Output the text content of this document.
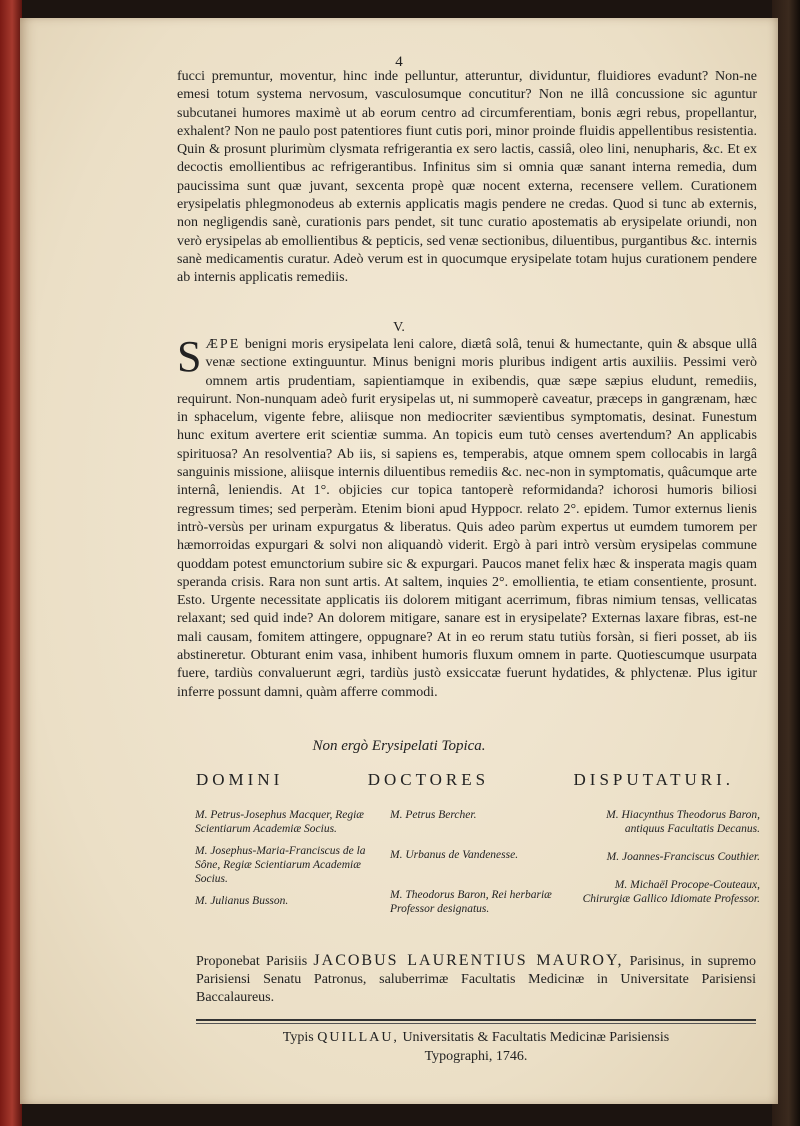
4

fucci premuntur, moventur, hinc inde pelluntur, atteruntur, dividuntur, fluidiores evadunt? Non-ne emesi totum systema nervosum, vasculosumque concutitur? Non ne illâ concussione sic aguntur subcutanei humores maximè ut ab eorum centro ad circumferentiam, bonis ægri rebus, propellantur, exhalent? Non ne paulo post patentiores fiunt cutis pori, minor proinde fluidis appellentibus resistentia. Quin & prosunt plurimùm clysmata refrigerantia ex sero lactis, cassiâ, oleo lini, nenupharis, &c. Et ex decoctis emollientibus ac refrigerantibus. Infinitus sim si omnia quæ sanant interna remedia, dum paucissima sunt quæ juvant, sexcenta propè quæ nocent externa, recensere vellem. Curationem erysipelatis phlegmonodeus ab externis applicatis magis pendere ne credas. Quod si tunc ab externis, non negligendis sanè, curationis pars pendet, sit tunc curatio apostematis ab erysipelate oriundi, non verò erysipelas ab emollientibus & pepticis, sed venæ sectionibus, diluentibus, purgantibus &c. internis sanè medicamentis curatur. Adeò verum est in quocumque erysipelate totam hujus curationem pendere ab internis applicatis remediis.

V.

SÆPE benigni moris erysipelata leni calore, diætâ solâ, tenui & humectante, quin & absque ullâ venæ sectione extinguuntur. Minus benigni moris pluribus indigent artis auxiliis. Pessimi verò omnem artis prudentiam, sapientiamque in exibendis, quæ sæpe sæpius eludunt, remediis, requirunt. Non-nunquam adeò furit erysipelas ut, ni summoperè caveatur, præceps in gangrænam, hæc in sphacelum, vigente febre, aliisque non mediocriter sævientibus symptomatis, desinat. Funestum hunc exitum avertere erit scientiæ summa. An topicis eum tutò censes avertendum? An applicabis spirituosa? An resolventia? Ab iis, si sapiens es, temperabis, atque omnem spem collocabis in largâ sanguinis missione, aliisque internis diluentibus remediis &c. nec-non in symptomatis, quâcumque arte internâ, leniendis. At 1°. objicies cur topica tantoperè reformidanda? ichorosi humoris biliosi regressum times; sed perperàm. Etenim bioni apud Hyppocr. relato 2°. epidem. Tumor externus lienis intrò-versùs per urinam expurgatus & liberatus. Quis adeo parùm expertus ut eumdem tumorem per hæmorroidas expurgari & solvi non aliquandò viderit. Ergò à pari intrò versùm erysipelas commune quoddam potest emunctorium subire sic & expurgari. Paucos manet felix hæc & insperata magis quam speranda crisis. Rara non sunt artis. At saltem, inquies 2°. emollientia, te etiam consentiente, prosunt. Esto. Urgente necessitate applicatis iis dolorem mitigant acerrimum, fibras nimium tensas, vellicatas relaxant; sed quid inde? An dolorem mitigare, sanare est in erysipelate? Externas laxare fibras, est-ne mali causam, fomitem attingere, oppugnare? At in eo rerum statu tutiùs forsàn, si fieri posset, ab iis abstineretur. Obturant enim vasa, inhibent humoris fluxum omnem in parte. Quotiescumque usurpata fuere, tardiùs convaluerunt ægri, tardiùs justò exsiccatæ fuerunt hydatides, & phlyctenæ. Plus igitur inferre possunt damni, quàm afferre commodi.

Non ergò Erysipelati Topica.
DOMINI	DOCTORES	DISPUTATURI.

M. Petrus-Josephus Macquer, Regiæ Scientiarum Academiæ Socius.

M. Josephus-Maria-Franciscus de la Sône, Regiæ Scientiarum Academiæ Socius.

M. Julianus Busson.

M. Petrus Bercher.

M. Urbanus de Vandenesse.

M. Theodorus Baron, Rei herbariæ Professor designatus.

M. Hiacynthus Theodorus Baron, antiquus Facultatis Decanus.

M. Joannes-Franciscus Couthier.

M. Michaël Procope-Couteaux, Chirurgiæ Gallico Idiomate Professor.

Proponebat Parisiis JACOBUS LAURENTIUS MAUROY, Parisinus, in supremo Parisiensi Senatu Patronus, saluberrimæ Facultatis Medicinæ in Universitate Parisiensi Baccalaureus.

Typis QUILLAU, Universitatis & Facultatis Medicinæ Parisiensis
Typographi, 1746.
